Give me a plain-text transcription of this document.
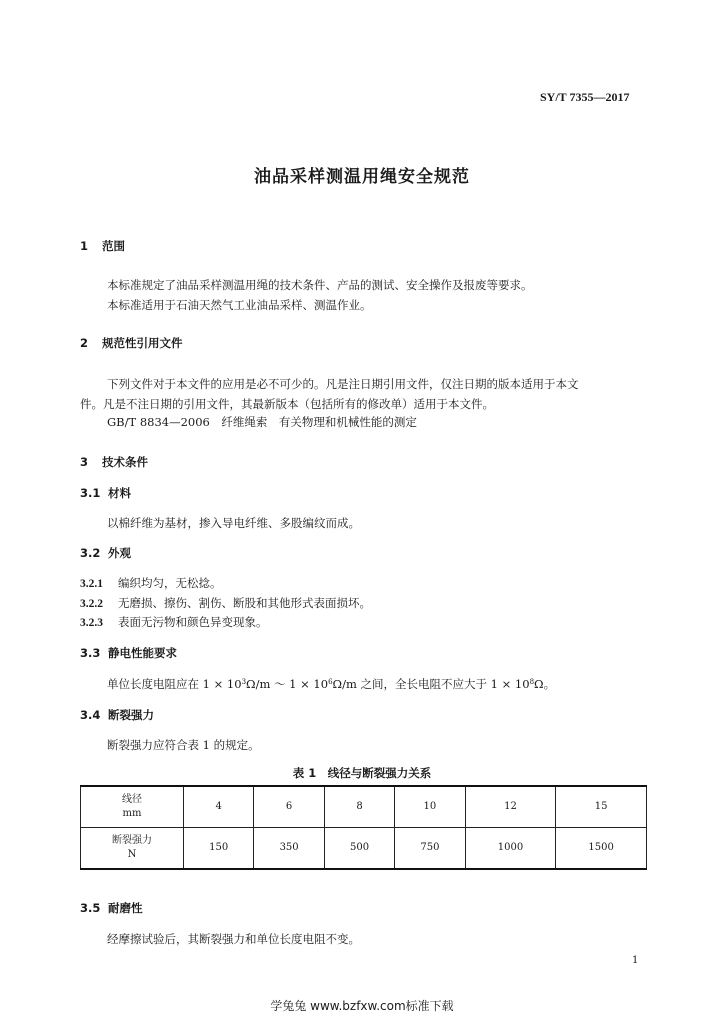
SY/T 7355—2017
油品采样测温用绳安全规范
1 范围
本标准规定了油品采样测温用绳的技术条件、产品的测试、安全操作及报废等要求。
本标准适用于石油天然气工业油品采样、测温作业。
2 规范性引用文件
下列文件对于本文件的应用是必不可少的。凡是注日期引用文件，仅注日期的版本适用于本文
件。凡是不注日期的引用文件，其最新版本（包括所有的修改单）适用于本文件。
GB/T 8834—2006　纤维绳索　有关物理和机械性能的测定
3 技术条件
3.1 材料
以棉纤维为基材，掺入导电纤维、多股编纹而成。
3.2 外观
3.2.1 编织均匀，无松捻。
3.2.2 无磨损、擦伤、割伤、断股和其他形式表面损坏。
3.2.3 表面无污物和颜色异变现象。
3.3 静电性能要求
单位长度电阻应在 $1 \times 10^3\Omega/m$ ～ $1 \times 10^6\Omega/m$ 之间，全长电阻不应大于 $1 \times 10^8\Omega$。
3.4 断裂强力
断裂强力应符合表 1 的规定。
表 1　线径与断裂强力关系
线径
mm	4	6	8	10	12	15
断裂强力
N	150	350	500	750	1000	1500
3.5 耐磨性
经摩擦试验后，其断裂强力和单位长度电阻不变。
1
学兔兔 www.bzfxw.com标准下载
